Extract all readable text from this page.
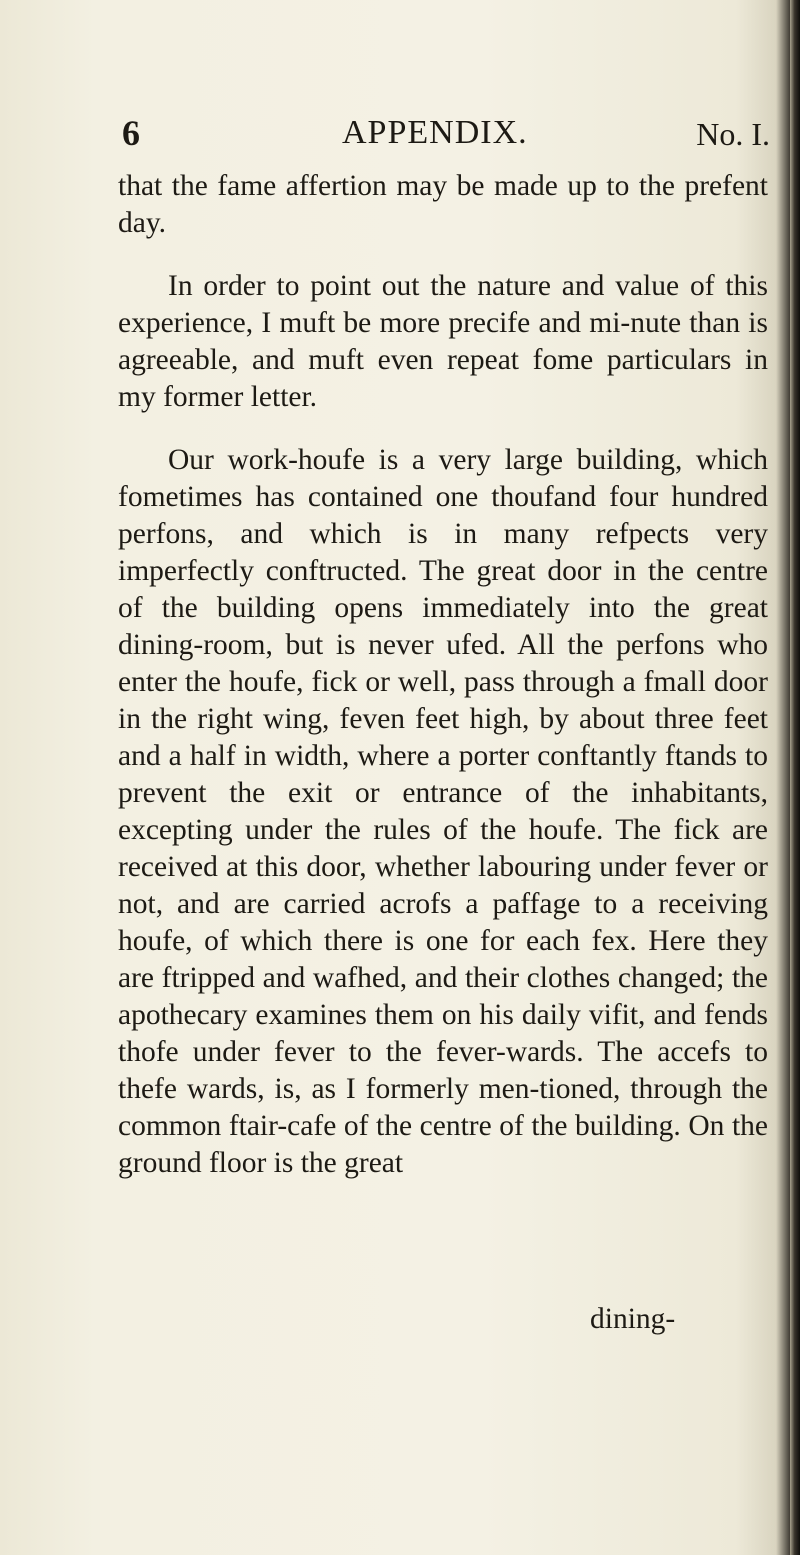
6	APPENDIX.	No. I.

that the fame affertion may be made up to the prefent day.

In order to point out the nature and value of this experience, I muft be more precife and mi-nute than is agreeable, and muft even repeat fome particulars in my former letter.

Our work-houfe is a very large building, which fometimes has contained one thoufand four hundred perfons, and which is in many refpects very imperfectly conftructed. The great door in the centre of the building opens immediately into the great dining-room, but is never ufed. All the perfons who enter the houfe, fick or well, pass through a fmall door in the right wing, feven feet high, by about three feet and a half in width, where a porter conftantly ftands to prevent the exit or entrance of the inhabitants, excepting under the rules of the houfe. The fick are received at this door, whether labouring under fever or not, and are carried acrofs a paffage to a receiving houfe, of which there is one for each fex. Here they are ftripped and wafhed, and their clothes changed; the apothecary examines them on his daily vifit, and fends thofe under fever to the fever-wards. The accefs to thefe wards, is, as I formerly men-tioned, through the common ftair-cafe of the centre of the building. On the ground floor is the great

dining-
